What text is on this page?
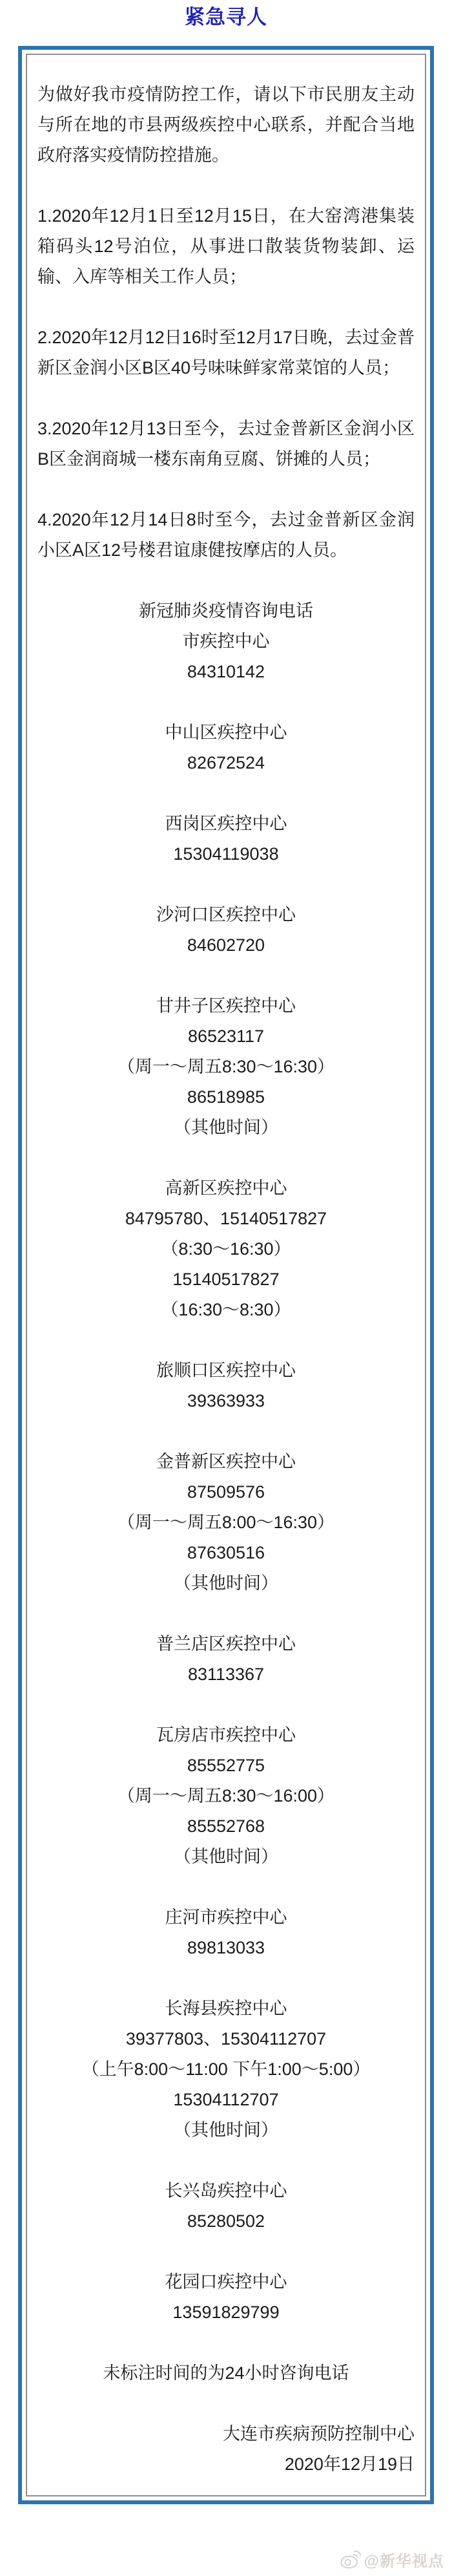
紧急寻人

为做好我市疫情防控工作，请以下市民朋友主动与所在地的市县两级疾控中心联系，并配合当地政府落实疫情防控措施。

1.2020年12月1日至12月15日，在大窑湾港集装箱码头12号泊位，从事进口散装货物装卸、运输、入库等相关工作人员；

2.2020年12月12日16时至12月17日晚，去过金普新区金润小区B区40号味味鲜家常菜馆的人员；

3.2020年12月13日至今，去过金普新区金润小区B区金润商城一楼东南角豆腐、饼摊的人员；

4.2020年12月14日8时至今，去过金普新区金润小区A区12号楼君谊康健按摩店的人员。

新冠肺炎疫情咨询电话
市疾控中心
84310142
中山区疾控中心
82672524
西岗区疾控中心
15304119038
沙河口区疾控中心
84602720
甘井子区疾控中心
86523117
（周一～周五8:30～16:30）
86518985
（其他时间）
高新区疾控中心
84795780、15140517827
（8:30～16:30）
15140517827
（16:30～8:30）
旅顺口区疾控中心
39363933
金普新区疾控中心
87509576
（周一～周五8:00～16:30）
87630516
（其他时间）
普兰店区疾控中心
83113367
瓦房店市疾控中心
85552775
（周一～周五8:30～16:00）
85552768
（其他时间）
庄河市疾控中心
89813033
长海县疾控中心
39377803、15304112707
（上午8:00～11:00 下午1:00～5:00）
15304112707
（其他时间）
长兴岛疾控中心
85280502
花园口疾控中心
13591829799
未标注时间的为24小时咨询电话
大连市疾病预防控制中心
2020年12月19日
@新华视点
